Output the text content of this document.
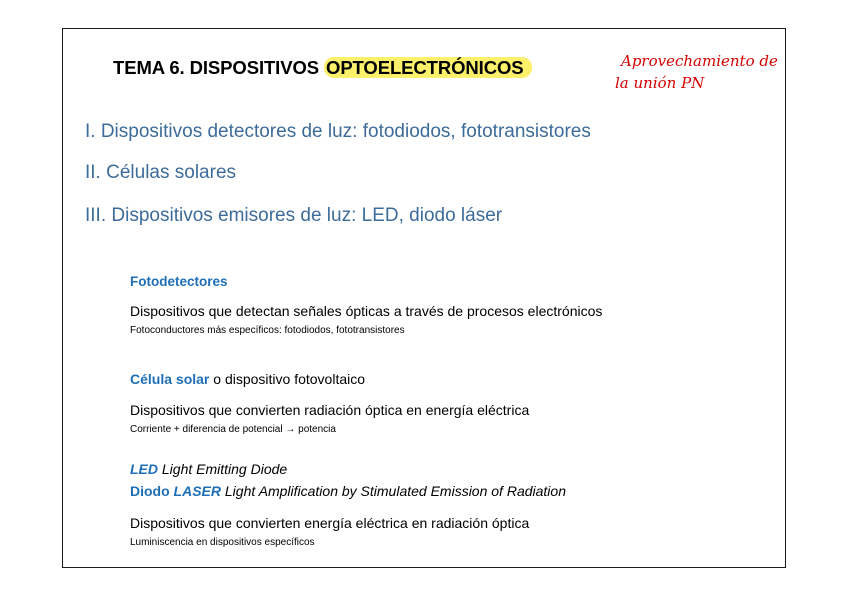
TEMA 6. DISPOSITIVOS OPTOELECTRÓNICOS	Aprovechamiento de
la unión PN
I. Dispositivos detectores de luz: fotodiodos, fototransistores
II. Células solares
III. Dispositivos emisores de luz: LED, diodo láser
Fotodetectores
Dispositivos que detectan señales ópticas a través de procesos electrónicos
Fotoconductores más específicos: fotodiodos, fototransistores
Célula solar o dispositivo fotovoltaico
Dispositivos que convierten radiación óptica en energía eléctrica
Corriente + diferencia de potencial → potencia
LED Light Emitting Diode
Diodo LASER Light Amplification by Stimulated Emission of Radiation
Dispositivos que convierten energía eléctrica en radiación óptica
Luminiscencia en dispositivos específicos
